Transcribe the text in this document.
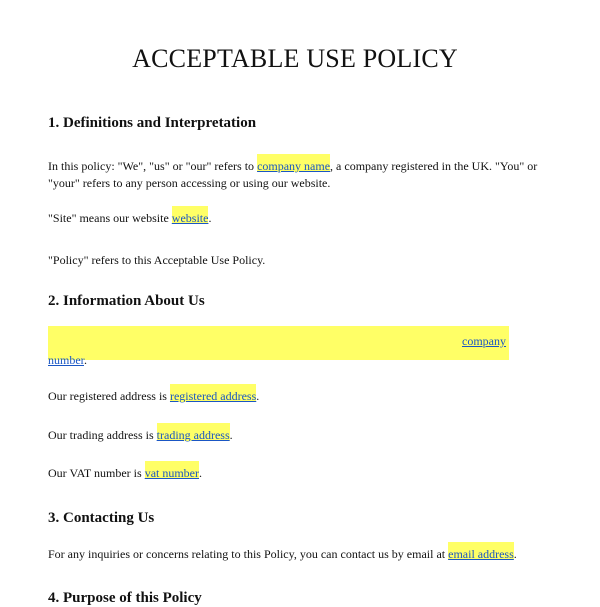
ACCEPTABLE USE POLICY
1. Definitions and Interpretation
In this policy: "We", "us" or "our" refers to company name, a company registered in the UK. "You" or
"your" refers to any person accessing or using our website.
"Site" means our website website.
"Policy" refers to this Acceptable Use Policy.
2. Information About Us
company
number.
Our registered address is registered address.
Our trading address is trading address.
Our VAT number is vat number.
3. Contacting Us
For any inquiries or concerns relating to this Policy, you can contact us by email at email address.
4. Purpose of this Policy
